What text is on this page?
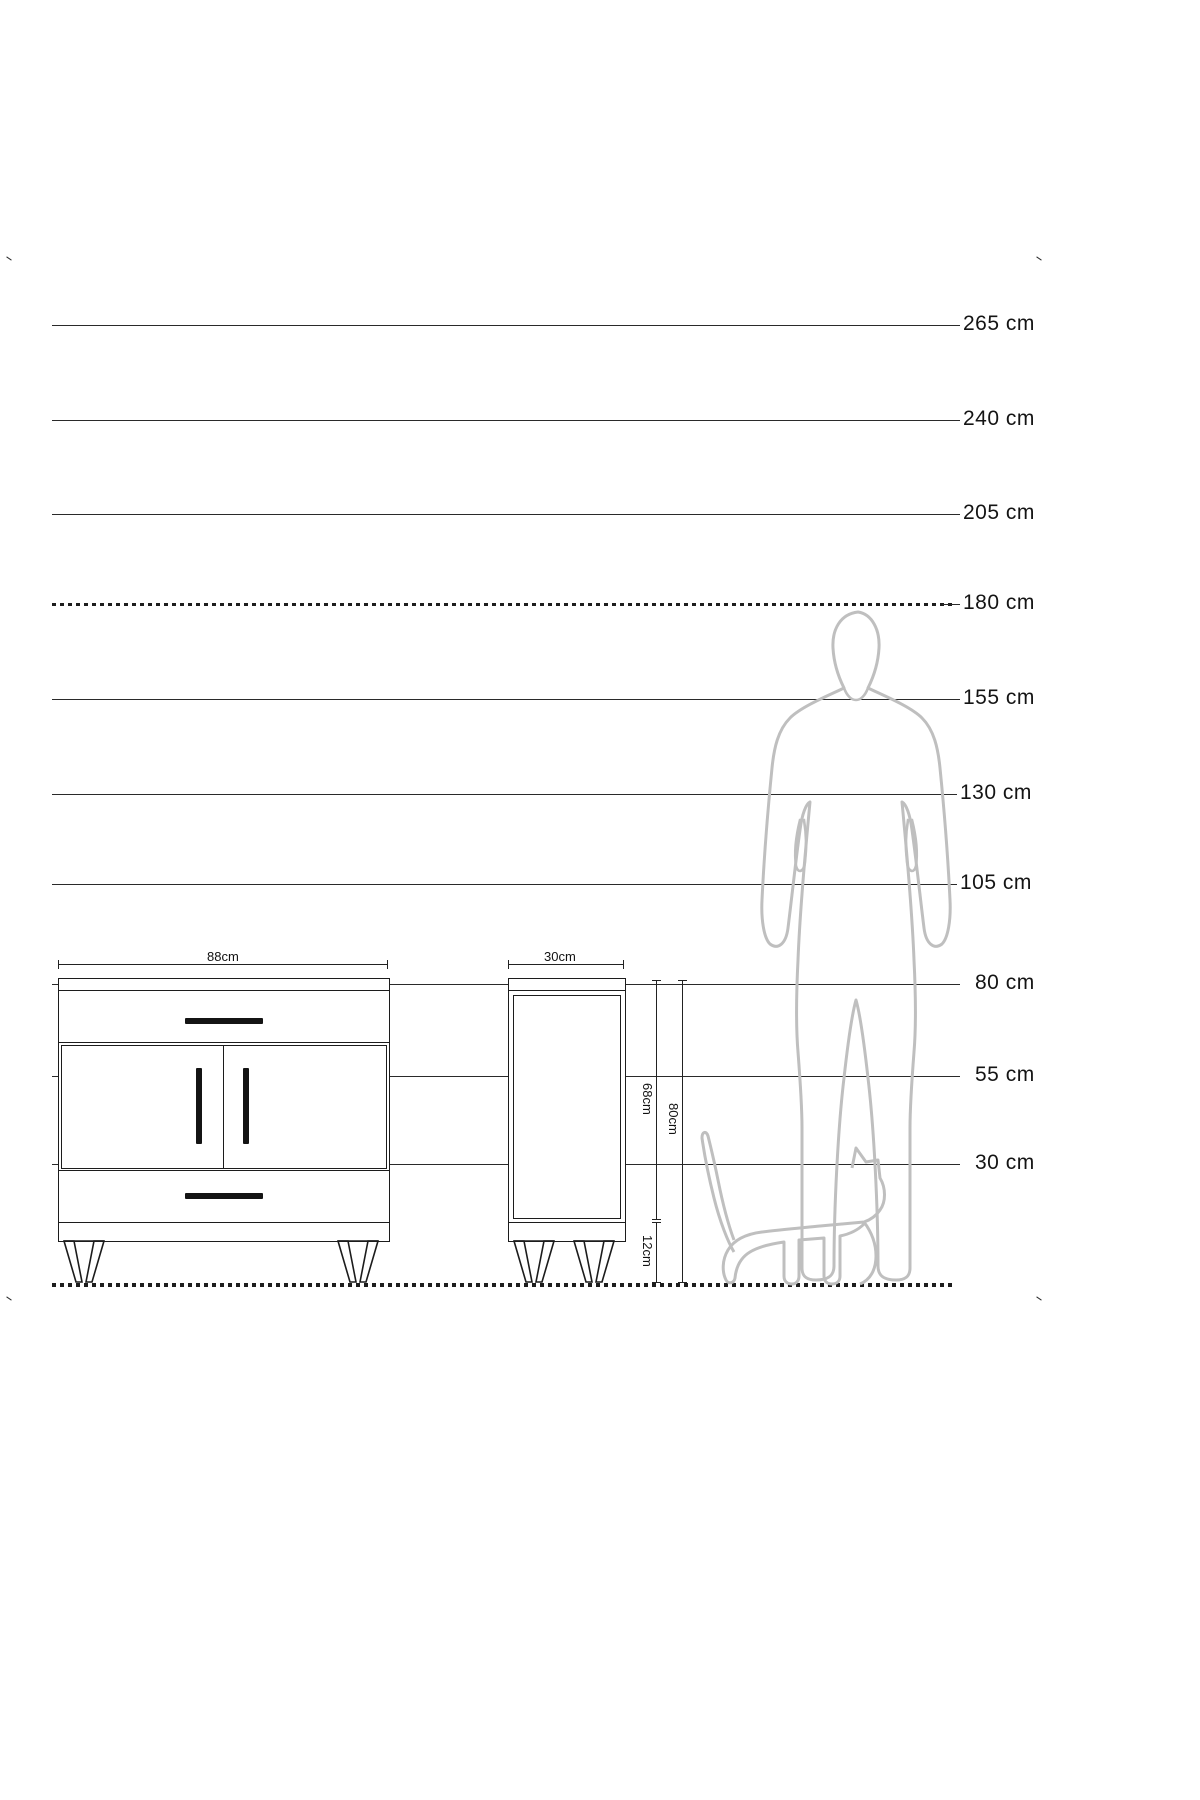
265 cm
240 cm
205 cm
180 cm
155 cm
130 cm
105 cm
80 cm
55 cm
30 cm
88cm	30cm
68cm
80cm
12cm
